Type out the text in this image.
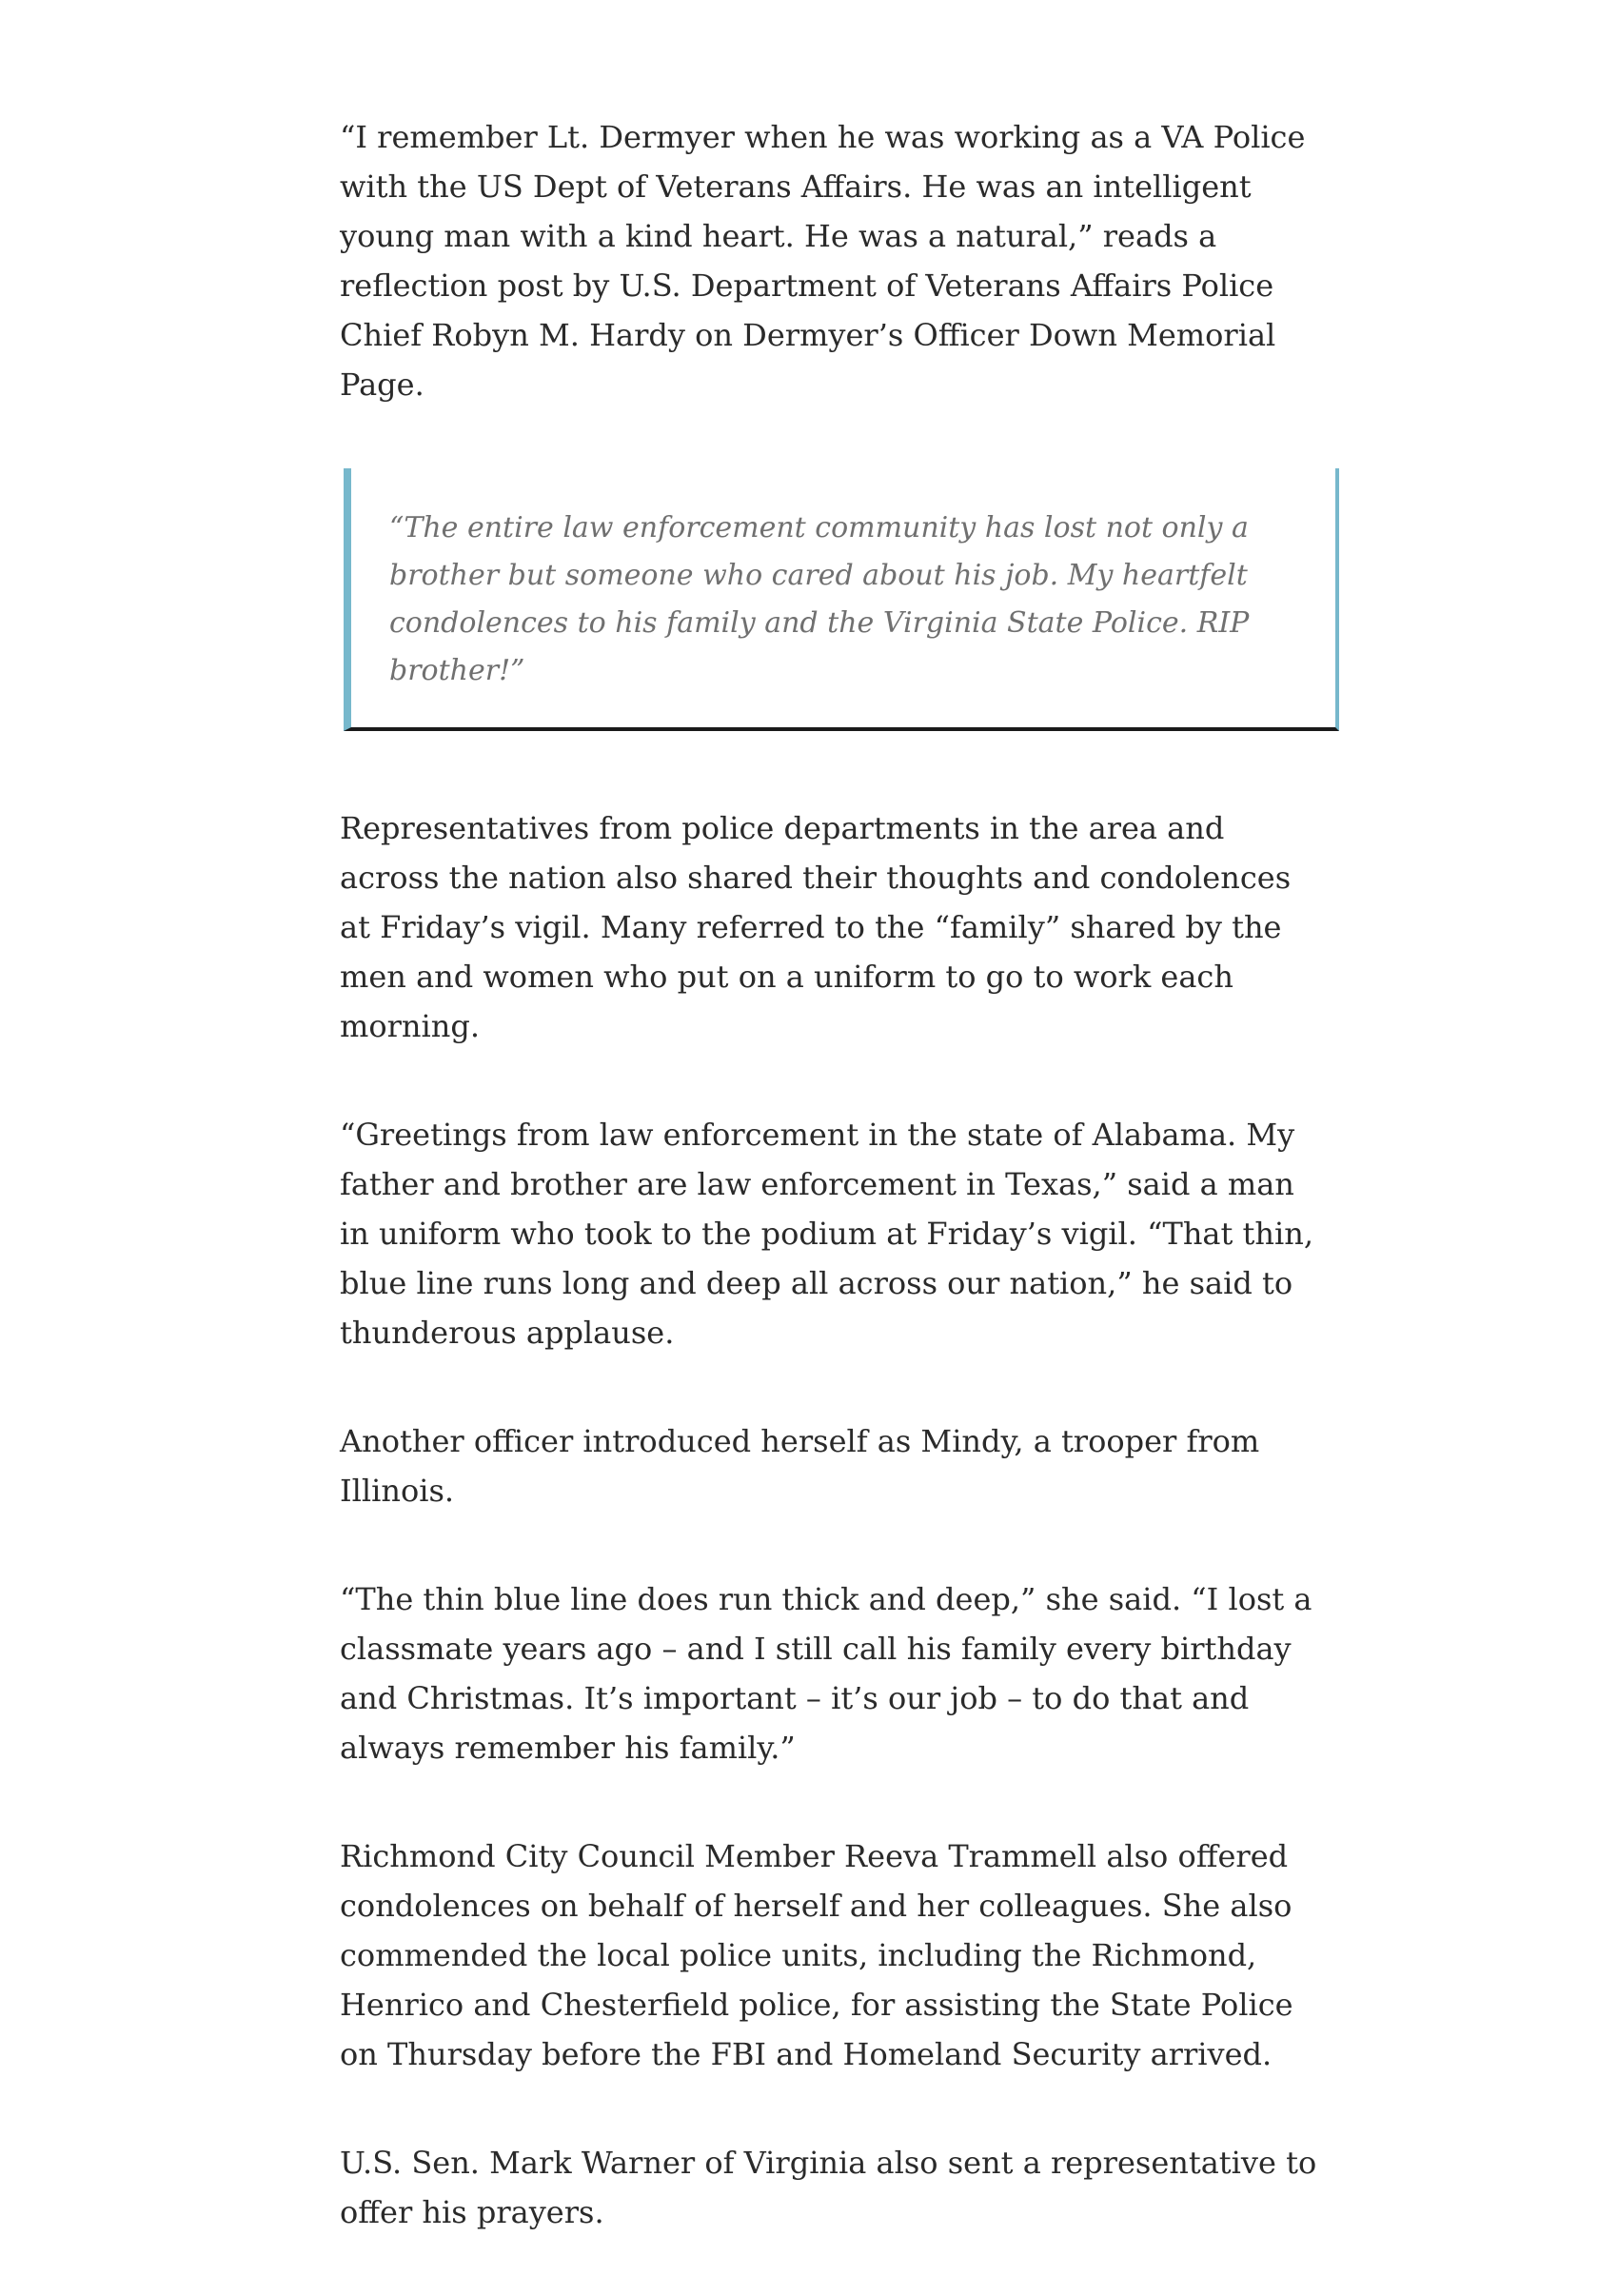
“I remember Lt. Dermyer when he was working as a VA Police with the US Dept of Veterans Affairs. He was an intelligent young man with a kind heart. He was a natural,” reads a reflection post by U.S. Department of Veterans Affairs Police Chief Robyn M. Hardy on Dermyer’s Officer Down Memorial Page.

“The entire law enforcement community has lost not only a brother but someone who cared about his job. My heartfelt condolences to his family and the Virginia State Police. RIP brother!”

Representatives from police departments in the area and across the nation also shared their thoughts and condolences at Friday’s vigil. Many referred to the “family” shared by the men and women who put on a uniform to go to work each morning.

“Greetings from law enforcement in the state of Alabama. My father and brother are law enforcement in Texas,” said a man in uniform who took to the podium at Friday’s vigil. “That thin, blue line runs long and deep all across our nation,” he said to thunderous applause.

Another officer introduced herself as Mindy, a trooper from Illinois.

“The thin blue line does run thick and deep,” she said. “I lost a classmate years ago – and I still call his family every birthday and Christmas. It’s important – it’s our job – to do that and always remember his family.”

Richmond City Council Member Reeva Trammell also offered condolences on behalf of herself and her colleagues. She also commended the local police units, including the Richmond, Henrico and Chesterfield police, for assisting the State Police on Thursday before the FBI and Homeland Security arrived.

U.S. Sen. Mark Warner of Virginia also sent a representative to offer his prayers.
